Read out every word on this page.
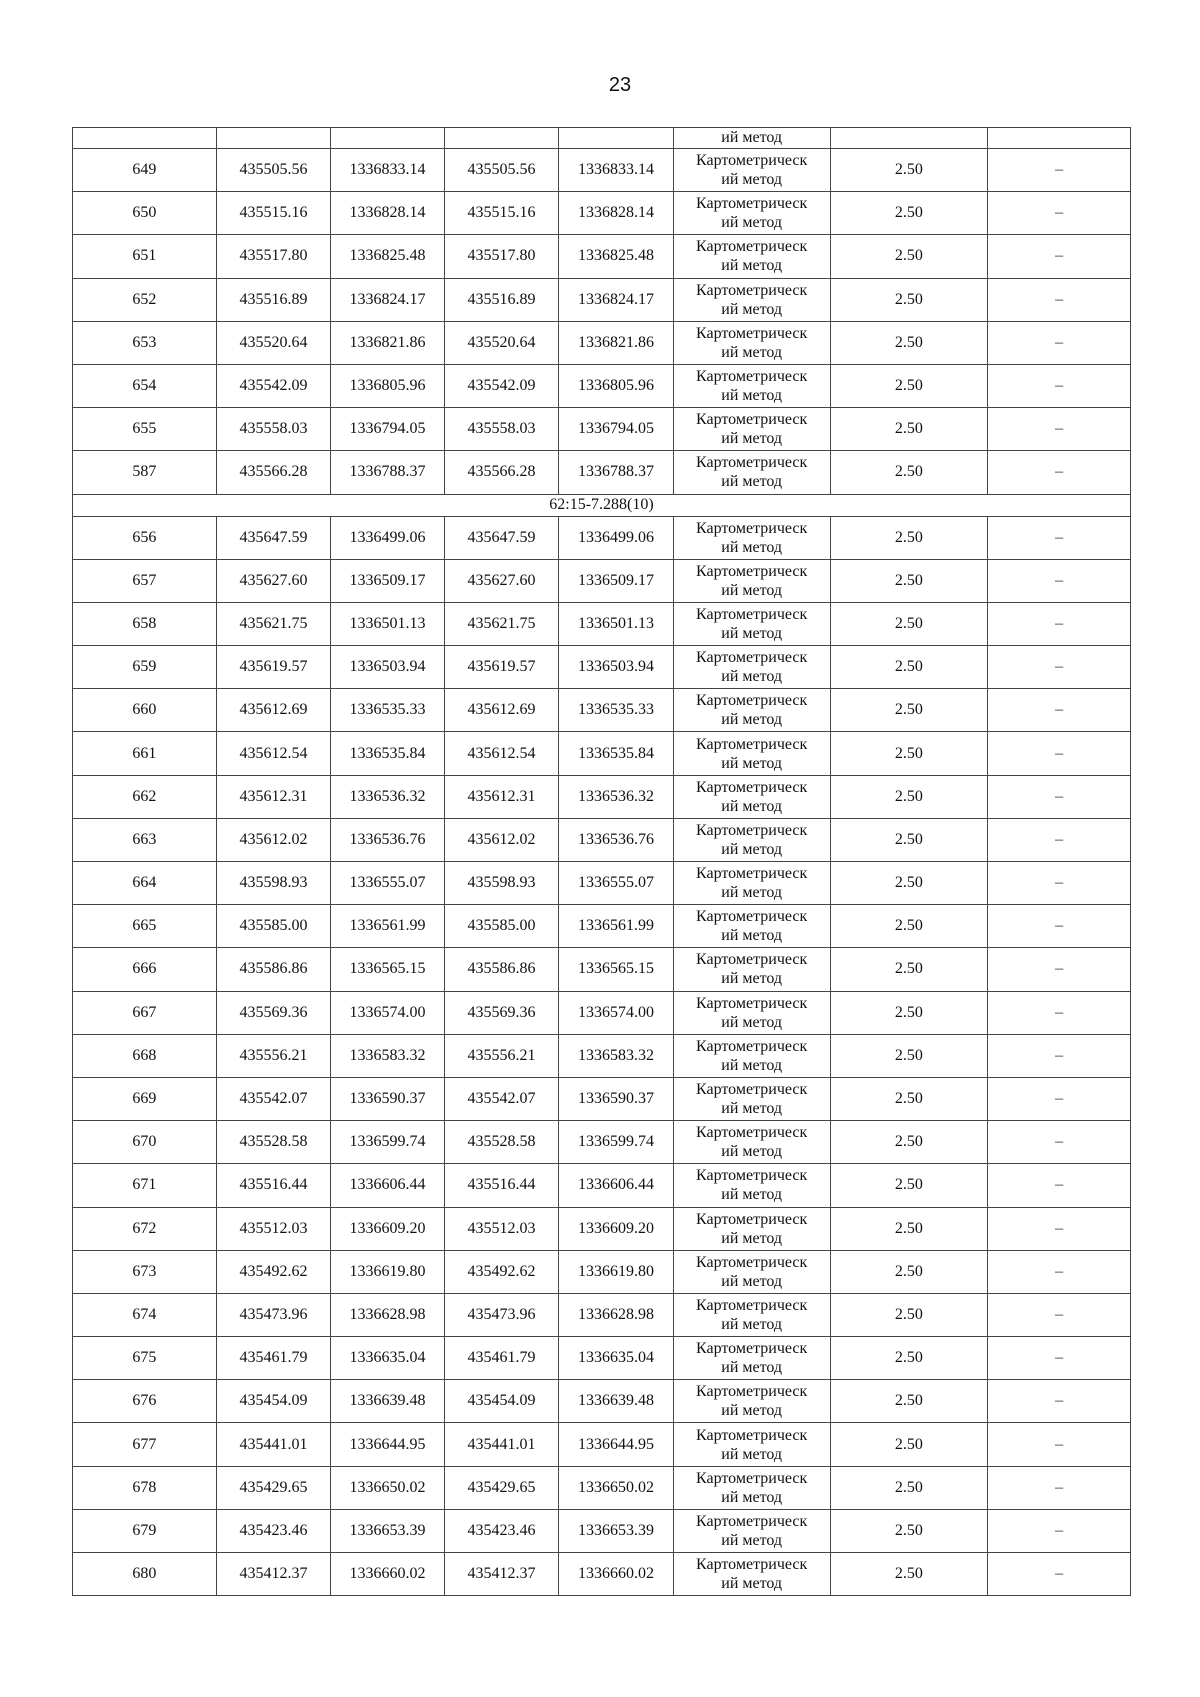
23
					ий метод		
649	435505.56	1336833.14	435505.56	1336833.14	Картометрическ
ий метод	2.50	–
650	435515.16	1336828.14	435515.16	1336828.14	Картометрическ
ий метод	2.50	–
651	435517.80	1336825.48	435517.80	1336825.48	Картометрическ
ий метод	2.50	–
652	435516.89	1336824.17	435516.89	1336824.17	Картометрическ
ий метод	2.50	–
653	435520.64	1336821.86	435520.64	1336821.86	Картометрическ
ий метод	2.50	–
654	435542.09	1336805.96	435542.09	1336805.96	Картометрическ
ий метод	2.50	–
655	435558.03	1336794.05	435558.03	1336794.05	Картометрическ
ий метод	2.50	–
587	435566.28	1336788.37	435566.28	1336788.37	Картометрическ
ий метод	2.50	–
62:15-7.288(10)							
656	435647.59	1336499.06	435647.59	1336499.06	Картометрическ
ий метод	2.50	–
657	435627.60	1336509.17	435627.60	1336509.17	Картометрическ
ий метод	2.50	–
658	435621.75	1336501.13	435621.75	1336501.13	Картометрическ
ий метод	2.50	–
659	435619.57	1336503.94	435619.57	1336503.94	Картометрическ
ий метод	2.50	–
660	435612.69	1336535.33	435612.69	1336535.33	Картометрическ
ий метод	2.50	–
661	435612.54	1336535.84	435612.54	1336535.84	Картометрическ
ий метод	2.50	–
662	435612.31	1336536.32	435612.31	1336536.32	Картометрическ
ий метод	2.50	–
663	435612.02	1336536.76	435612.02	1336536.76	Картометрическ
ий метод	2.50	–
664	435598.93	1336555.07	435598.93	1336555.07	Картометрическ
ий метод	2.50	–
665	435585.00	1336561.99	435585.00	1336561.99	Картометрическ
ий метод	2.50	–
666	435586.86	1336565.15	435586.86	1336565.15	Картометрическ
ий метод	2.50	–
667	435569.36	1336574.00	435569.36	1336574.00	Картометрическ
ий метод	2.50	–
668	435556.21	1336583.32	435556.21	1336583.32	Картометрическ
ий метод	2.50	–
669	435542.07	1336590.37	435542.07	1336590.37	Картометрическ
ий метод	2.50	–
670	435528.58	1336599.74	435528.58	1336599.74	Картометрическ
ий метод	2.50	–
671	435516.44	1336606.44	435516.44	1336606.44	Картометрическ
ий метод	2.50	–
672	435512.03	1336609.20	435512.03	1336609.20	Картометрическ
ий метод	2.50	–
673	435492.62	1336619.80	435492.62	1336619.80	Картометрическ
ий метод	2.50	–
674	435473.96	1336628.98	435473.96	1336628.98	Картометрическ
ий метод	2.50	–
675	435461.79	1336635.04	435461.79	1336635.04	Картометрическ
ий метод	2.50	–
676	435454.09	1336639.48	435454.09	1336639.48	Картометрическ
ий метод	2.50	–
677	435441.01	1336644.95	435441.01	1336644.95	Картометрическ
ий метод	2.50	–
678	435429.65	1336650.02	435429.65	1336650.02	Картометрическ
ий метод	2.50	–
679	435423.46	1336653.39	435423.46	1336653.39	Картометрическ
ий метод	2.50	–
680	435412.37	1336660.02	435412.37	1336660.02	Картометрическ
ий метод	2.50	–
